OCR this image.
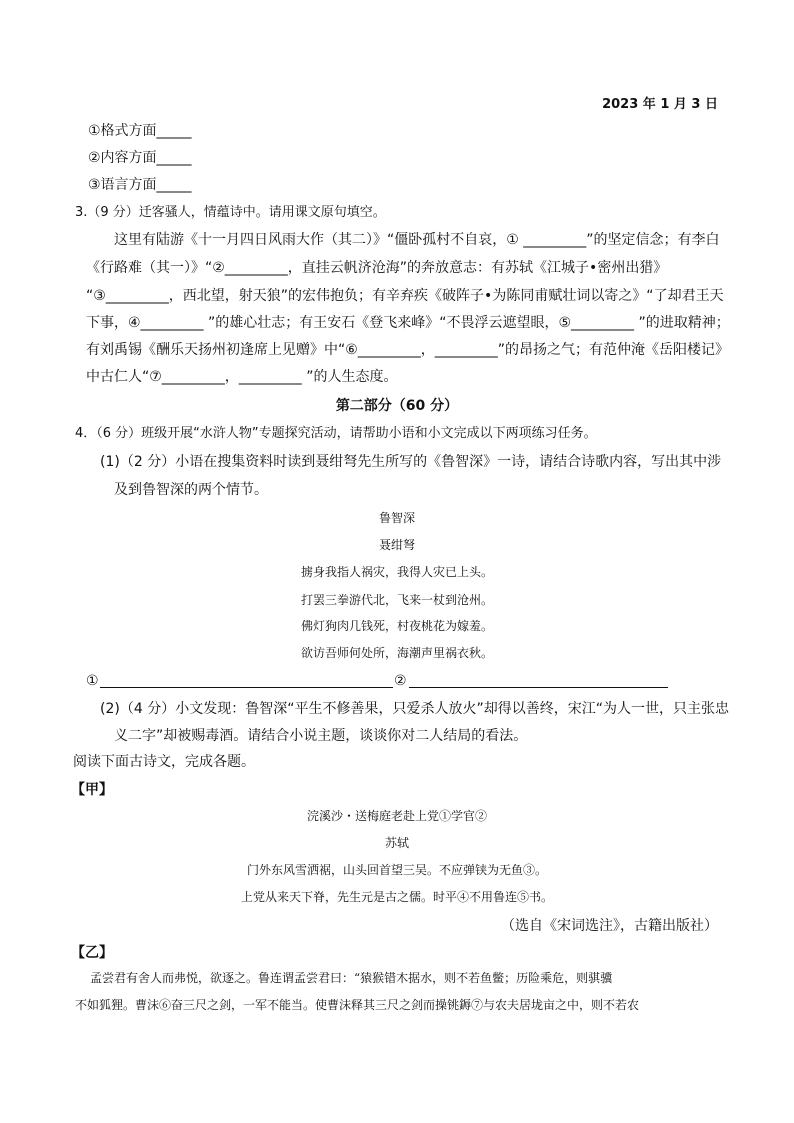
2023 年 1 月 3 日
①格式方面_____
②内容方面_____
③语言方面_____
3.（9 分）迁客骚人，情蕴诗中。请用课文原句填空。
这里有陆游《十一月四日风雨大作（其二）》“僵卧孤村不自哀，① _________”的坚定信念；有李白
《行路难（其一）》“②_________，直挂云帆济沧海”的奔放意志：有苏轼《江城子•密州出猎》
“③_________，西北望，射天狼”的宏伟抱负；有辛弃疾《破阵子•为陈同甫赋壮词以寄之》“了却君王天
下事，④_________ ”的雄心壮志；有王安石《登飞来峰》“不畏浮云遮望眼，⑤_________ ”的进取精神；
有刘禹锡《酬乐天扬州初逢席上见赠》中“⑥_________，_________”的昂扬之气；有范仲淹《岳阳楼记》
中古仁人“⑦_________，_________ ”的人生态度。
第二部分（60 分）
4．（6 分）班级开展“水浒人物”专题探究活动，请帮助小语和小文完成以下两项练习任务。
(1)（2 分）小语在搜集资料时读到聂绀弩先生所写的《鲁智深》一诗，请结合诗歌内容，写出其中涉
及到鲁智深的两个情节。
鲁智深
聂绀弩
掳身我指人祸灾，我得人灾已上头。
打罢三拳游代北，飞来一杖到沧州。
佛灯狗肉几钱死，村夜桃花为嫁羞。
欲访吾师何处所，海潮声里祸衣秋。
①	②
(2)（4 分）小文发现：鲁智深“平生不修善果，只爱杀人放火”却得以善终，宋江“为人一世，只主张忠
义二字”却被赐毒酒。请结合小说主题，谈谈你对二人结局的看法。
阅读下面古诗文，完成各题。
【甲】
浣溪沙・送梅庭老赴上党①学官②
苏轼
门外东风雪洒裾，山头回首望三吴。不应弹铗为无鱼③。
上党从来天下脊，先生元是古之儒。时平④不用鲁连⑤书。
（选自《宋词选注》，古籍出版社）
【乙】
孟尝君有舍人而弗悦，欲逐之。鲁连谓孟尝君曰：“猿猴错木据水，则不若鱼鳖；历险乘危，则骐骥
不如狐狸。曹沫⑥奋三尺之剑，一军不能当。使曹沫释其三尺之剑而操铫鎒⑦与农夫居垅亩之中，则不若农
